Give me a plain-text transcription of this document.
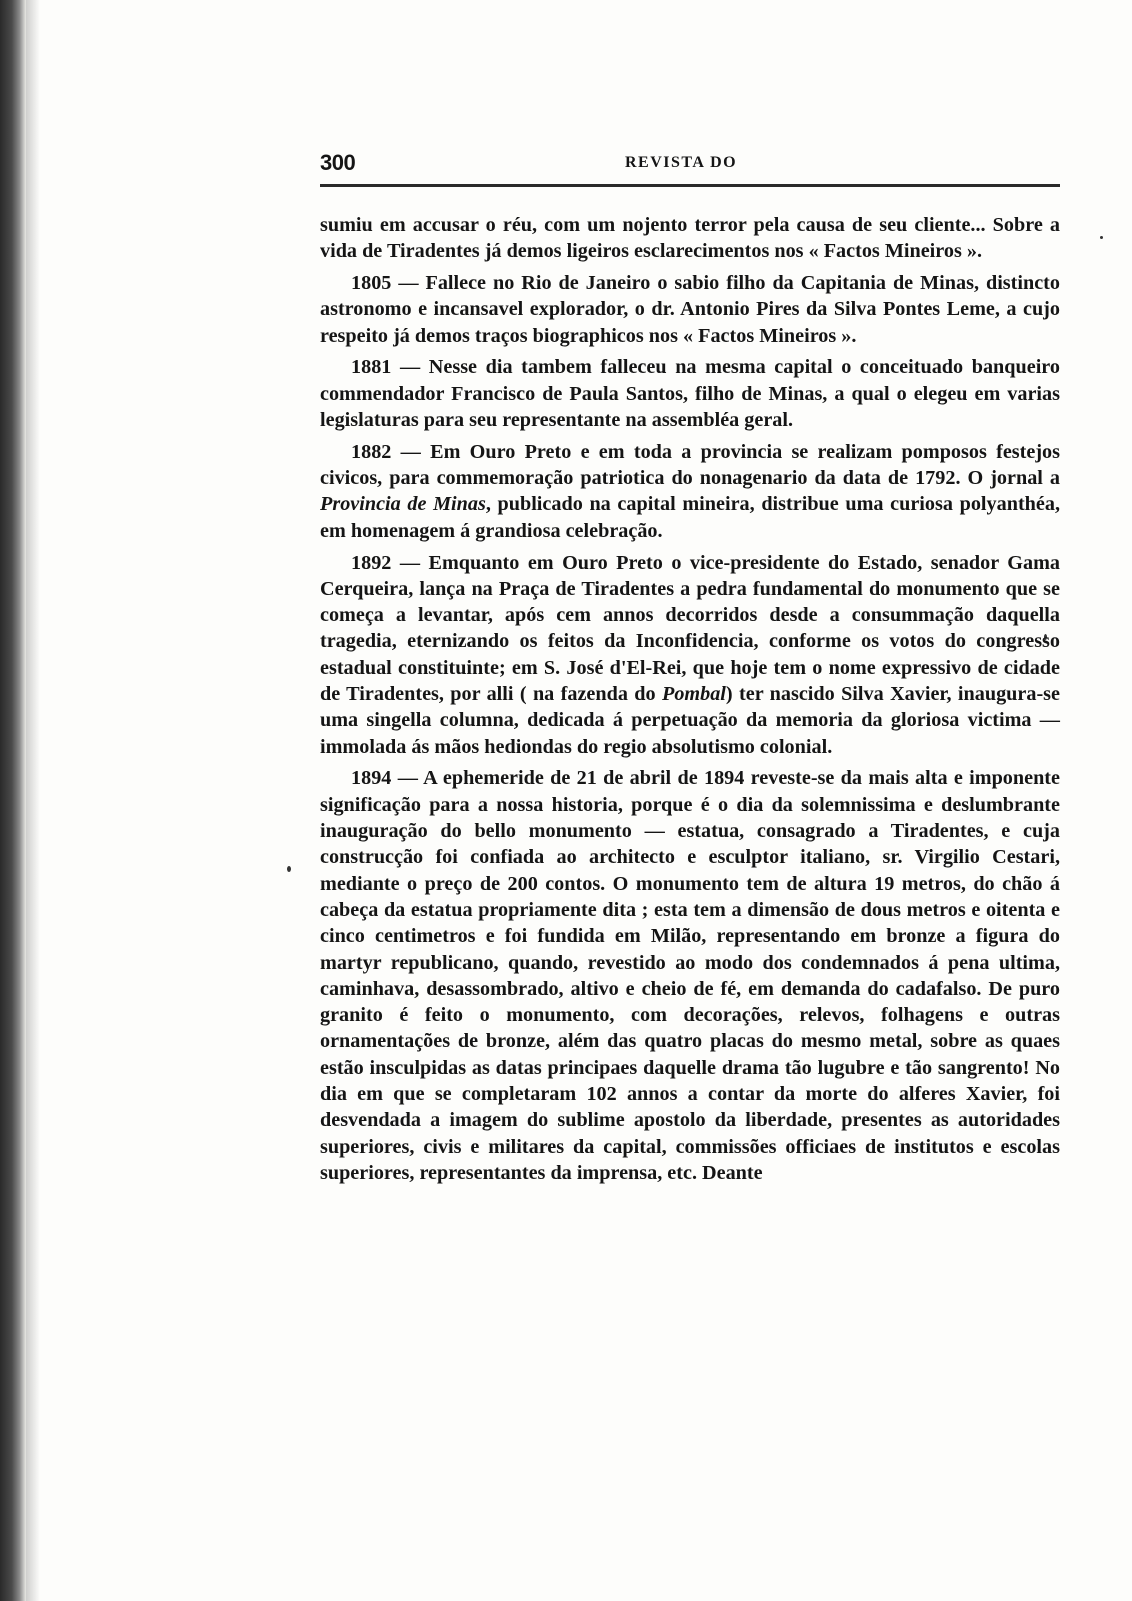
300	REVISTA DO

sumiu em accusar o réu, com um nojento terror pela causa de seu cliente... Sobre a vida de Tiradentes já demos ligeiros esclarecimentos nos « Factos Mineiros ».

1805 — Fallece no Rio de Janeiro o sabio filho da Capitania de Minas, distincto astronomo e incansavel explorador, o dr. Antonio Pires da Silva Pontes Leme, a cujo respeito já demos traços biographicos nos « Factos Mineiros ».

1881 — Nesse dia tambem falleceu na mesma capital o conceituado banqueiro commendador Francisco de Paula Santos, filho de Minas, a qual o elegeu em varias legislaturas para seu representante na assembléa geral.

1882 — Em Ouro Preto e em toda a provincia se realizam pomposos festejos civicos, para commemoração patriotica do nonagenario da data de 1792. O jornal a Provincia de Minas, publicado na capital mineira, distribue uma curiosa polyanthéa, em homenagem á grandiosa celebração.

1892 — Emquanto em Ouro Preto o vice-presidente do Estado, senador Gama Cerqueira, lança na Praça de Tiradentes a pedra fundamental do monumento que se começa a levantar, após cem annos decorridos desde a consummação daquella tragedia, eternizando os feitos da Inconfidencia, conforme os votos do congresso estadual constituinte; em S. José d'El-Rei, que hoje tem o nome expressivo de cidade de Tiradentes, por alli ( na fazenda do Pombal) ter nascido Silva Xavier, inaugura-se uma singella columna, dedicada á perpetuação da memoria da gloriosa victima — immolada ás mãos hediondas do regio absolutismo colonial.

1894 — A ephemeride de 21 de abril de 1894 reveste-se da mais alta e imponente significação para a nossa historia, porque é o dia da solemnissima e deslumbrante inauguração do bello monumento — estatua, consagrado a Tiradentes, e cuja construcção foi confiada ao architecto e esculptor italiano, sr. Virgilio Cestari, mediante o preço de 200 contos. O monumento tem de altura 19 metros, do chão á cabeça da estatua propriamente dita ; esta tem a dimensão de dous metros e oitenta e cinco centimetros e foi fundida em Milão, representando em bronze a figura do martyr republicano, quando, revestido ao modo dos condemnados á pena ultima, caminhava, desassombrado, altivo e cheio de fé, em demanda do cadafalso. De puro granito é feito o monumento, com decorações, relevos, folhagens e outras ornamentações de bronze, além das quatro placas do mesmo metal, sobre as quaes estão insculpidas as datas principaes daquelle drama tão lugubre e tão sangrento! No dia em que se completaram 102 annos a contar da morte do alferes Xavier, foi desvendada a imagem do sublime apostolo da liberdade, presentes as autoridades superiores, civis e militares da capital, commissões officiaes de institutos e escolas superiores, representantes da imprensa, etc. Deante
